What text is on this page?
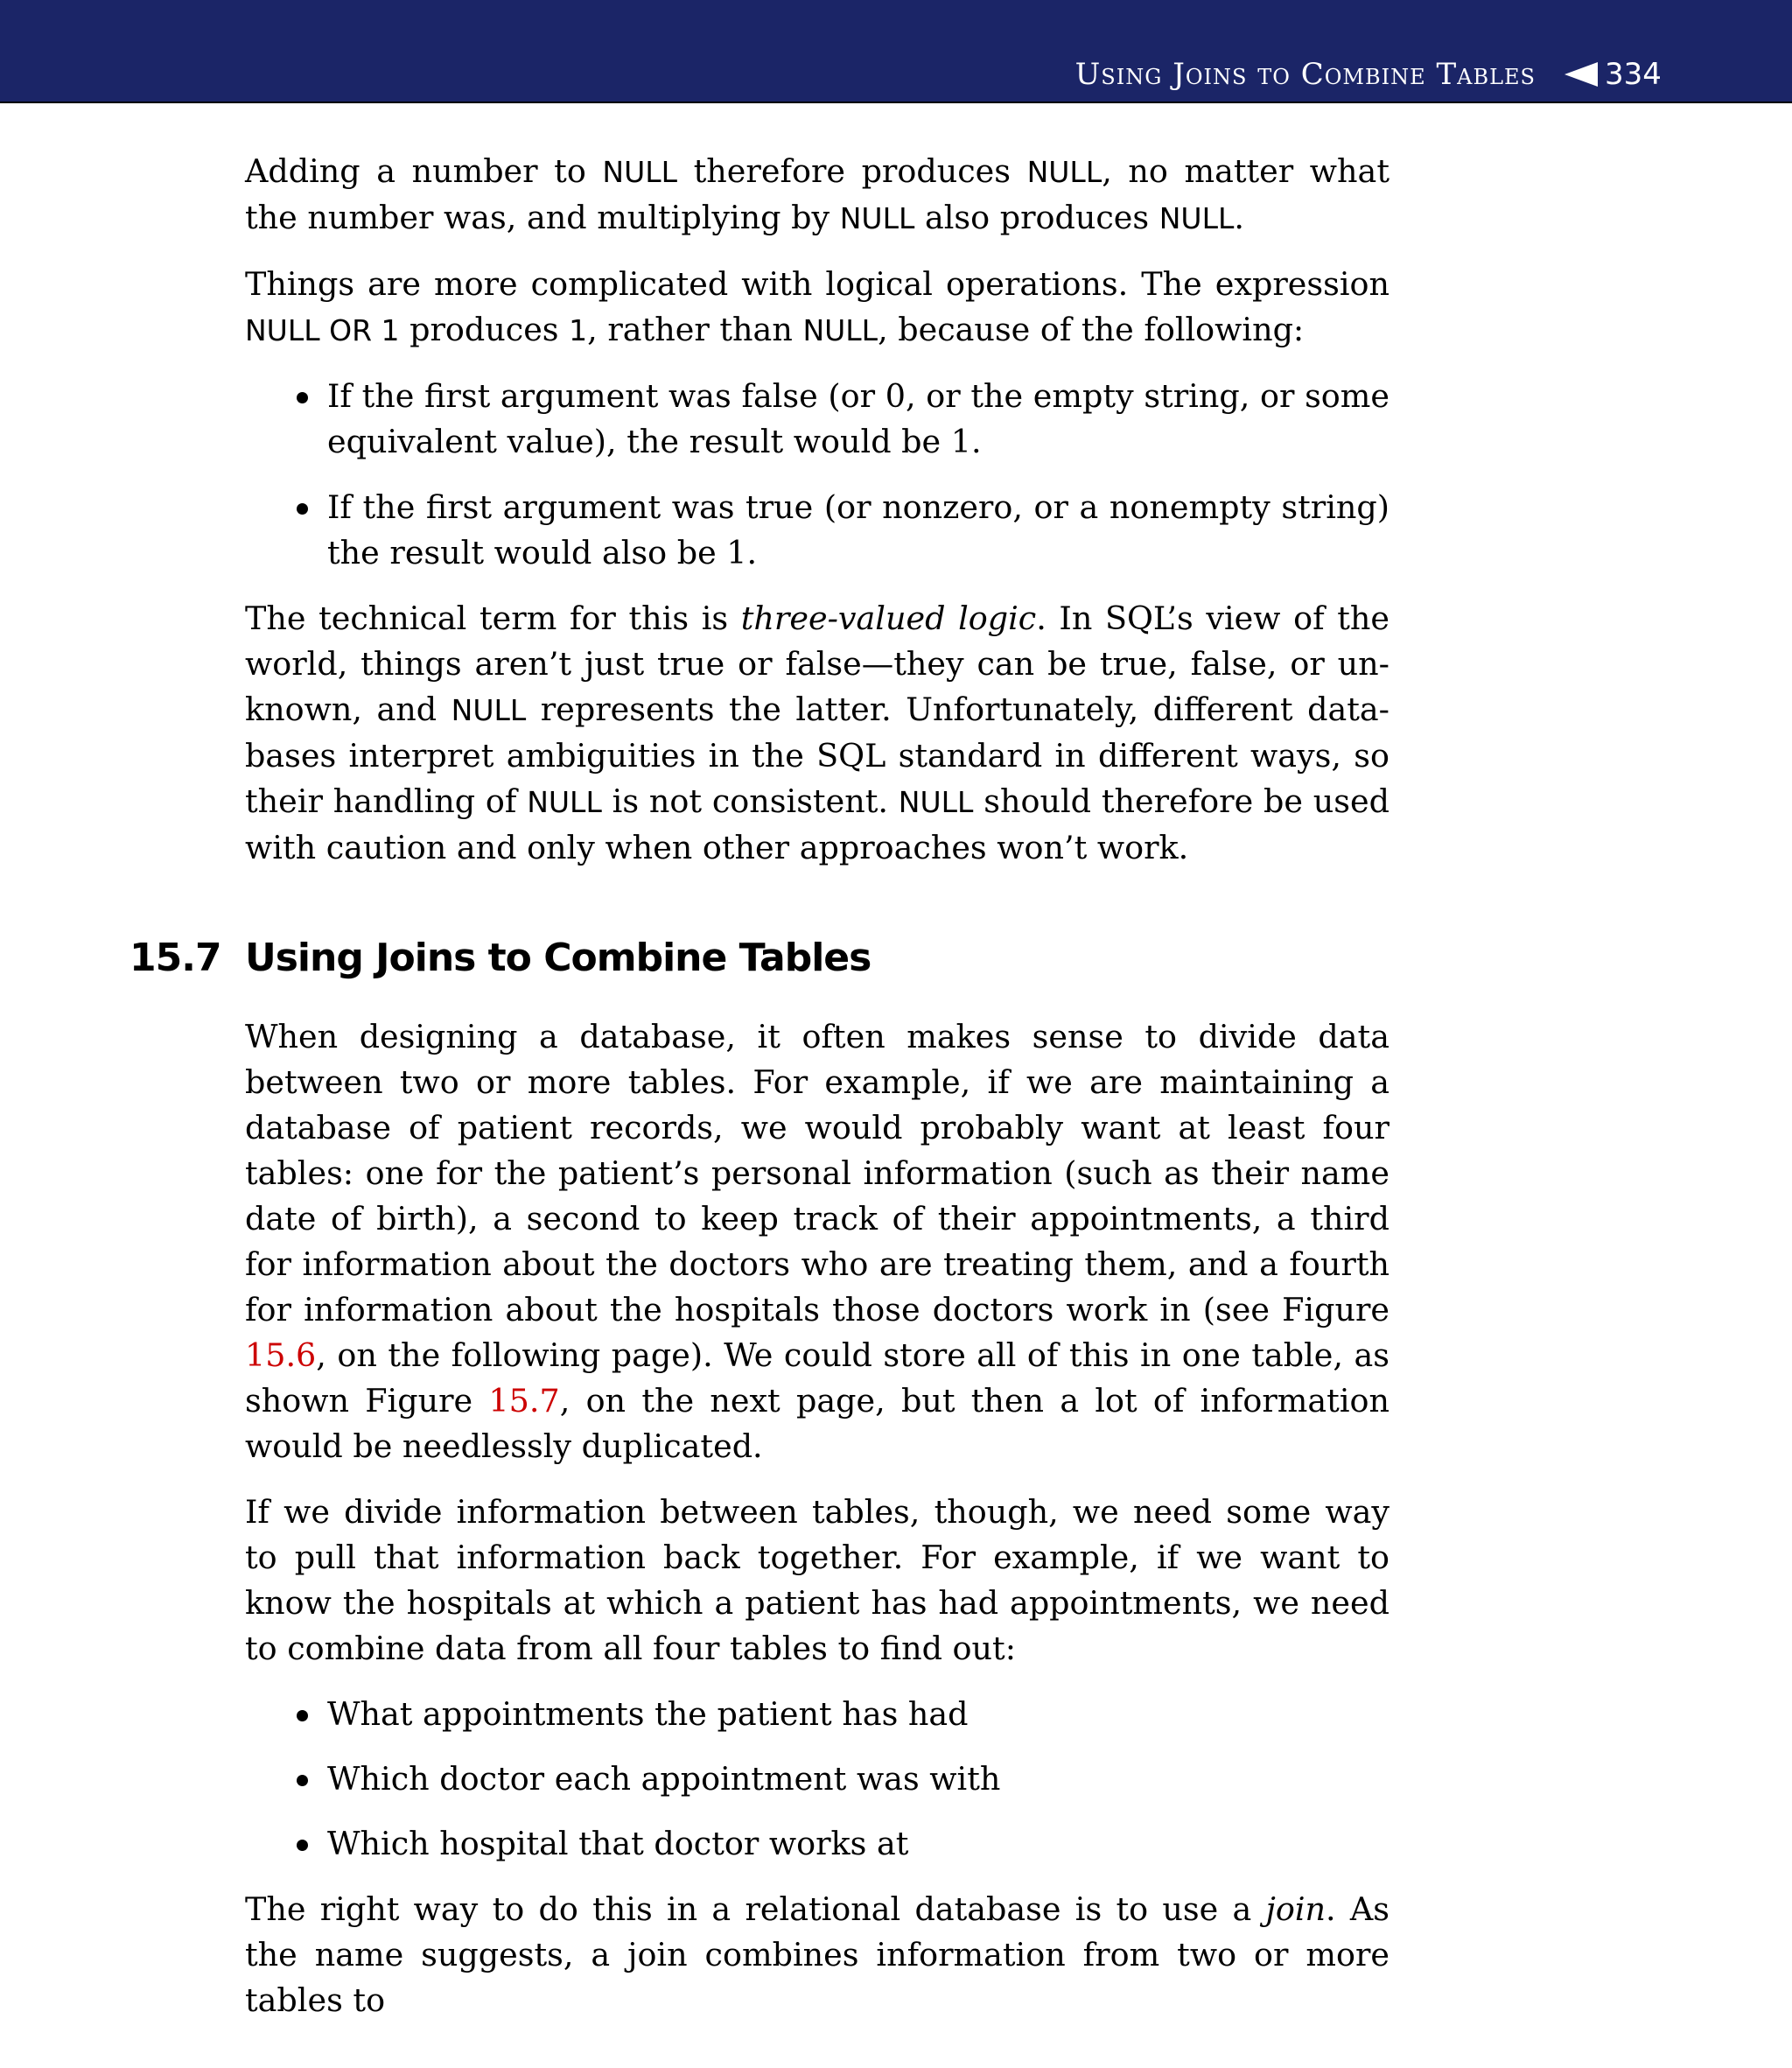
Using Joins to Combine Tables 334

Adding a number to NULL therefore produces NULL, no matter what the number was, and multiplying by NULL also produces NULL.

Things are more complicated with logical operations. The expression NULL OR 1 produces 1, rather than NULL, because of the following:

If the first argument was false (or 0, or the empty string, or some equivalent value), the result would be 1.
If the first argument was true (or nonzero, or a nonempty string) the result would also be 1.

The technical term for this is three-valued logic. In SQL’s view of the world, things aren’t just true or false—they can be true, false, or unknown, and NULL represents the latter. Unfortunately, different databases interpret ambiguities in the SQL standard in different ways, so their handling of NULL is not consistent. NULL should therefore be used with caution and only when other approaches won’t work.

15.7 Using Joins to Combine Tables

When designing a database, it often makes sense to divide data between two or more tables. For example, if we are maintaining a database of patient records, we would probably want at least four tables: one for the patient’s personal information (such as their name date of birth), a second to keep track of their appointments, a third for information about the doctors who are treating them, and a fourth for information about the hospitals those doctors work in (see Figure 15.6, on the following page). We could store all of this in one table, as shown Figure 15.7, on the next page, but then a lot of information would be needlessly duplicated.

If we divide information between tables, though, we need some way to pull that information back together. For example, if we want to know the hospitals at which a patient has had appointments, we need to combine data from all four tables to find out:

What appointments the patient has had
Which doctor each appointment was with
Which hospital that doctor works at

The right way to do this in a relational database is to use a join. As the name suggests, a join combines information from two or more tables to
